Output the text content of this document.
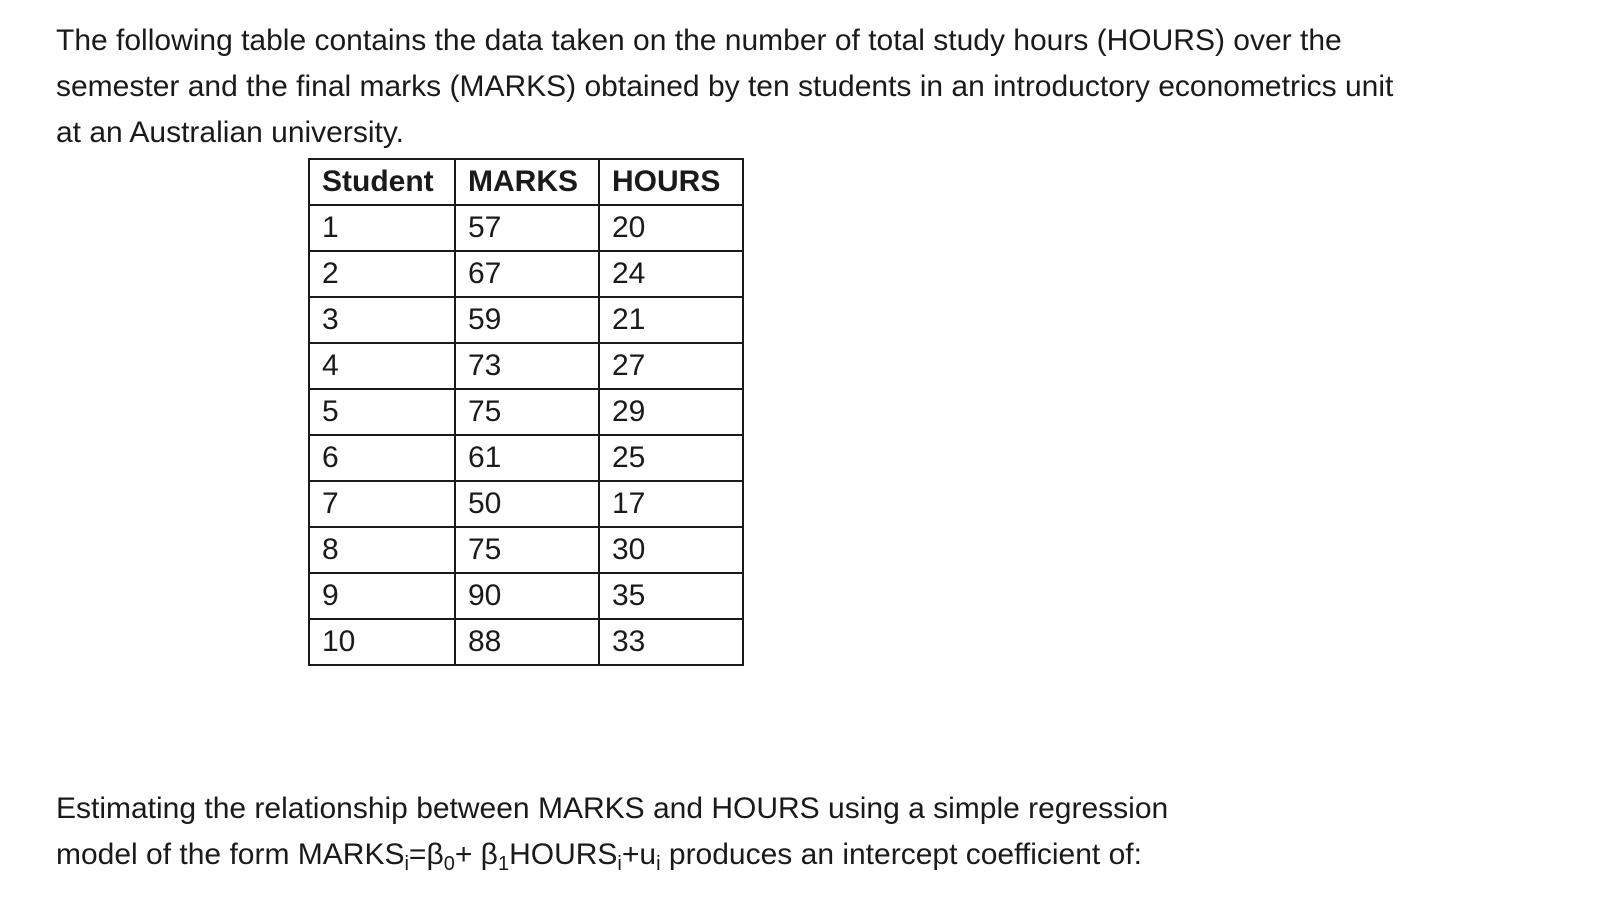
The following table contains the data taken on the number of total study hours (HOURS) over the semester and the final marks (MARKS) obtained by ten students in an introductory econometrics unit at an Australian university.

Student	MARKS	HOURS
1	57	20
2	67	24
3	59	21
4	73	27
5	75	29
6	61	25
7	50	17
8	75	30
9	90	35
10	88	33

Estimating the relationship between MARKS and HOURS using a simple regression
model of the form $MARKS_i=\beta_0+$ $\beta_1HOURS_i+u_i$ produces an intercept coefficient of:
